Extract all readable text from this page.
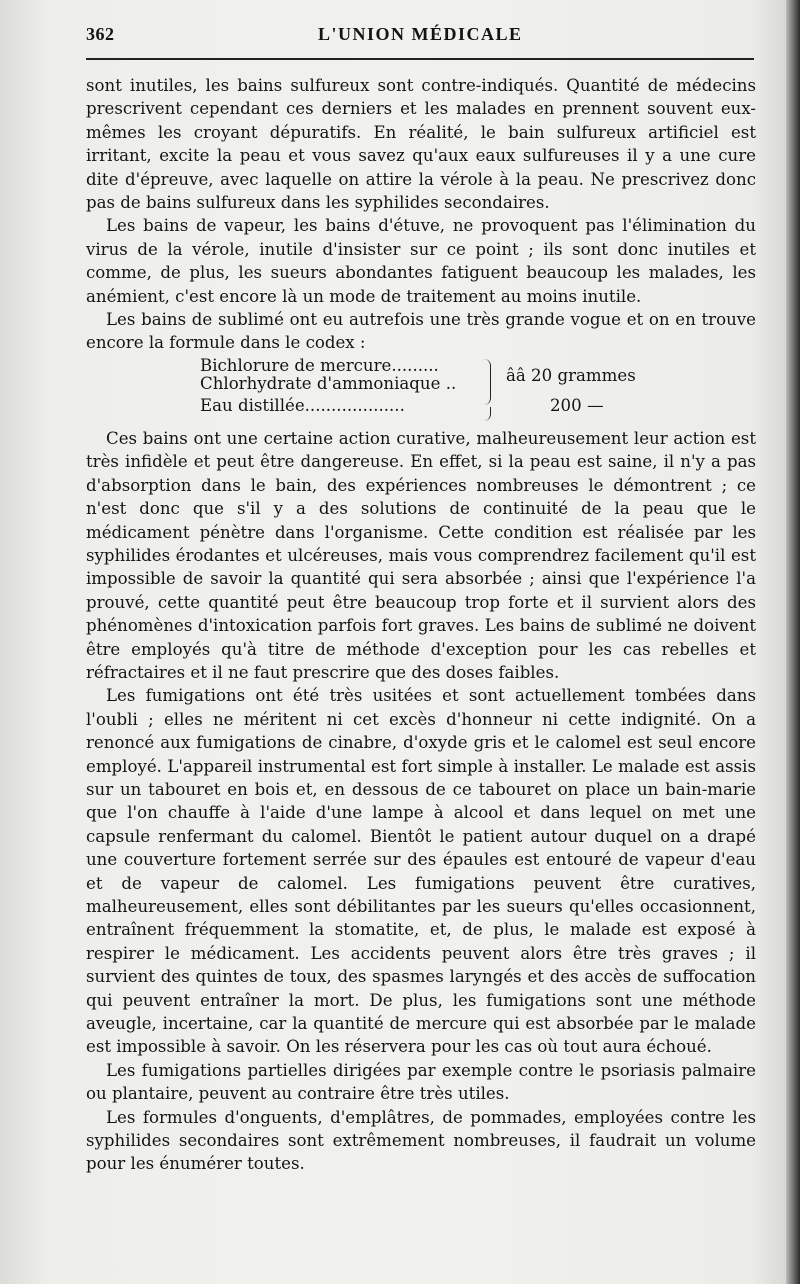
362	L'UNION MÉDICALE

sont inutiles, les bains sulfureux sont contre-indiqués. Quantité de médecins prescrivent cependant ces derniers et les malades en prennent souvent eux-mêmes les croyant dépuratifs. En réalité, le bain sulfureux artificiel est irritant, excite la peau et vous savez qu'aux eaux sulfureuses il y a une cure dite d'épreuve, avec laquelle on attire la vérole à la peau. Ne prescrivez donc pas de bains sulfureux dans les syphilides secondaires.

Les bains de vapeur, les bains d'étuve, ne provoquent pas l'élimination du virus de la vérole, inutile d'insister sur ce point ; ils sont donc inutiles et comme, de plus, les sueurs abondantes fatiguent beaucoup les malades, les anémient, c'est encore là un mode de traitement au moins inutile.

Les bains de sublimé ont eu autrefois une très grande vogue et on en trouve encore la formule dans le codex :

Bichlorure de mercure.........
Chlorhydrate d'ammoniaque ..
Eau distillée...................
ââ 20 grammes
200 —

Ces bains ont une certaine action curative, malheureusement leur action est très infidèle et peut être dangereuse. En effet, si la peau est saine, il n'y a pas d'absorption dans le bain, des expériences nombreuses le démontrent ; ce n'est donc que s'il y a des solutions de continuité de la peau que le médicament pénètre dans l'organisme. Cette condition est réalisée par les syphilides érodantes et ulcéreuses, mais vous comprendrez facilement qu'il est impossible de savoir la quantité qui sera absorbée ; ainsi que l'expérience l'a prouvé, cette quantité peut être beaucoup trop forte et il survient alors des phénomènes d'intoxication parfois fort graves. Les bains de sublimé ne doivent être employés qu'à titre de méthode d'exception pour les cas rebelles et réfractaires et il ne faut prescrire que des doses faibles.

Les fumigations ont été très usitées et sont actuellement tombées dans l'oubli ; elles ne méritent ni cet excès d'honneur ni cette indignité. On a renoncé aux fumigations de cinabre, d'oxyde gris et le calomel est seul encore employé. L'appareil instrumental est fort simple à installer. Le malade est assis sur un tabouret en bois et, en dessous de ce tabouret on place un bain-marie que l'on chauffe à l'aide d'une lampe à alcool et dans lequel on met une capsule renfermant du calomel. Bientôt le patient autour duquel on a drapé une couverture fortement serrée sur des épaules est entouré de vapeur d'eau et de vapeur de calomel. Les fumigations peuvent être curatives, malheureusement, elles sont débilitantes par les sueurs qu'elles occasionnent, entraînent fréquemment la stomatite, et, de plus, le malade est exposé à respirer le médicament. Les accidents peuvent alors être très graves ; il survient des quintes de toux, des spasmes laryngés et des accès de suffocation qui peuvent entraîner la mort. De plus, les fumigations sont une méthode aveugle, incertaine, car la quantité de mercure qui est absorbée par le malade est impossible à savoir. On les réservera pour les cas où tout aura échoué.

Les fumigations partielles dirigées par exemple contre le psoriasis palmaire ou plantaire, peuvent au contraire être très utiles.

Les formules d'onguents, d'emplâtres, de pommades, employées contre les syphilides secondaires sont extrêmement nombreuses, il faudrait un volume pour les énumérer toutes.
